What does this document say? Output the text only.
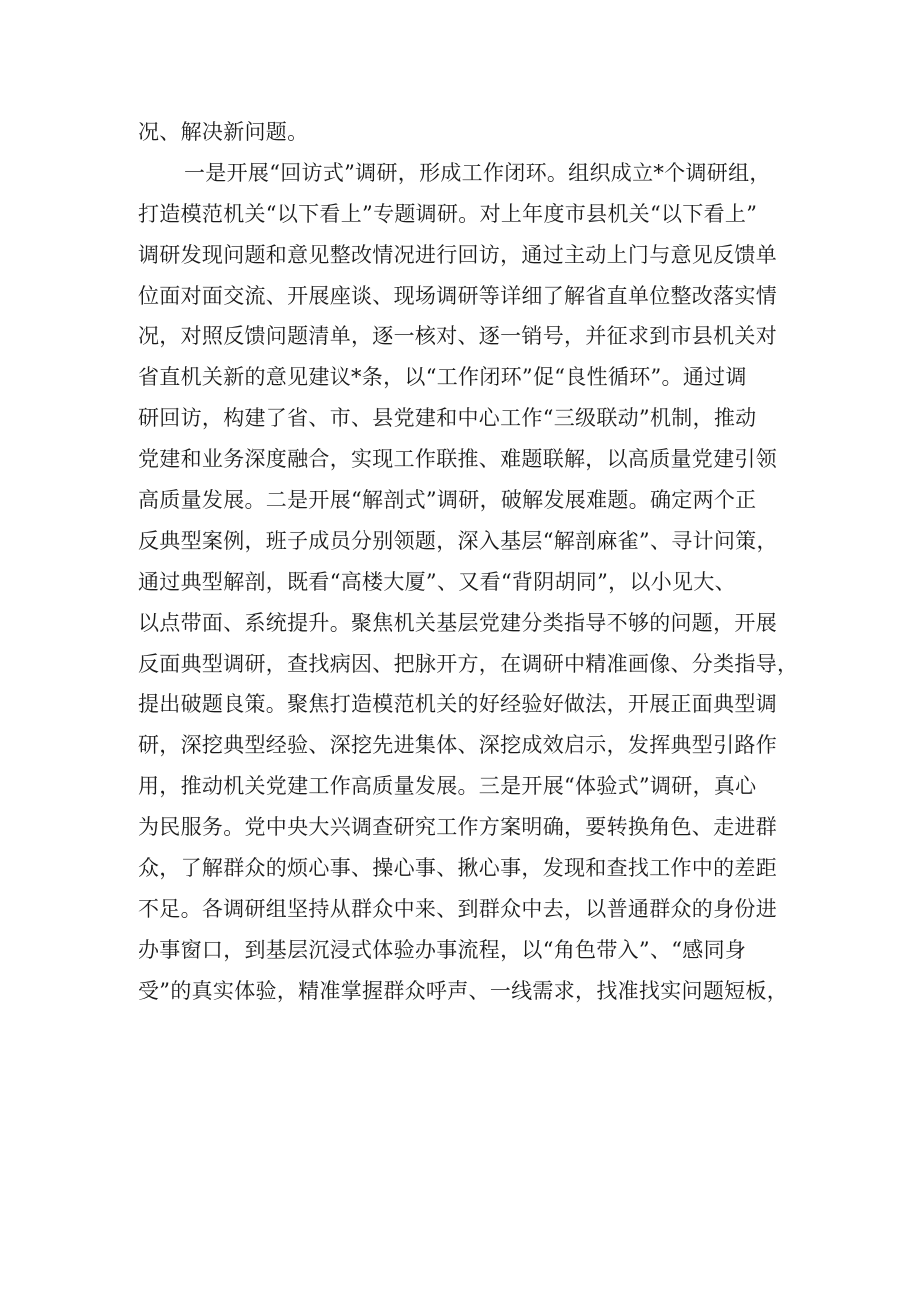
况、解决新问题。
一是开展“回访式”调研，形成工作闭环。组织成立*个调研组，
打造模范机关“以下看上”专题调研。对上年度市县机关“以下看上”
调研发现问题和意见整改情况进行回访，通过主动上门与意见反馈单
位面对面交流、开展座谈、现场调研等详细了解省直单位整改落实情
况，对照反馈问题清单，逐一核对、逐一销号，并征求到市县机关对
省直机关新的意见建议*条，以“工作闭环”促“良性循环”。通过调
研回访，构建了省、市、县党建和中心工作“三级联动”机制，推动
党建和业务深度融合，实现工作联推、难题联解，以高质量党建引领
高质量发展。二是开展“解剖式”调研，破解发展难题。确定两个正
反典型案例，班子成员分别领题，深入基层“解剖麻雀”、寻计问策，
通过典型解剖，既看“高楼大厦”、又看“背阴胡同”，以小见大、
以点带面、系统提升。聚焦机关基层党建分类指导不够的问题，开展
反面典型调研，查找病因、把脉开方，在调研中精准画像、分类指导，
提出破题良策。聚焦打造模范机关的好经验好做法，开展正面典型调
研，深挖典型经验、深挖先进集体、深挖成效启示，发挥典型引路作
用，推动机关党建工作高质量发展。三是开展“体验式”调研，真心
为民服务。党中央大兴调查研究工作方案明确，要转换角色、走进群
众，了解群众的烦心事、操心事、揪心事，发现和查找工作中的差距
不足。各调研组坚持从群众中来、到群众中去，以普通群众的身份进
办事窗口，到基层沉浸式体验办事流程，以“角色带入”、“感同身
受”的真实体验，精准掌握群众呼声、一线需求，找准找实问题短板，
